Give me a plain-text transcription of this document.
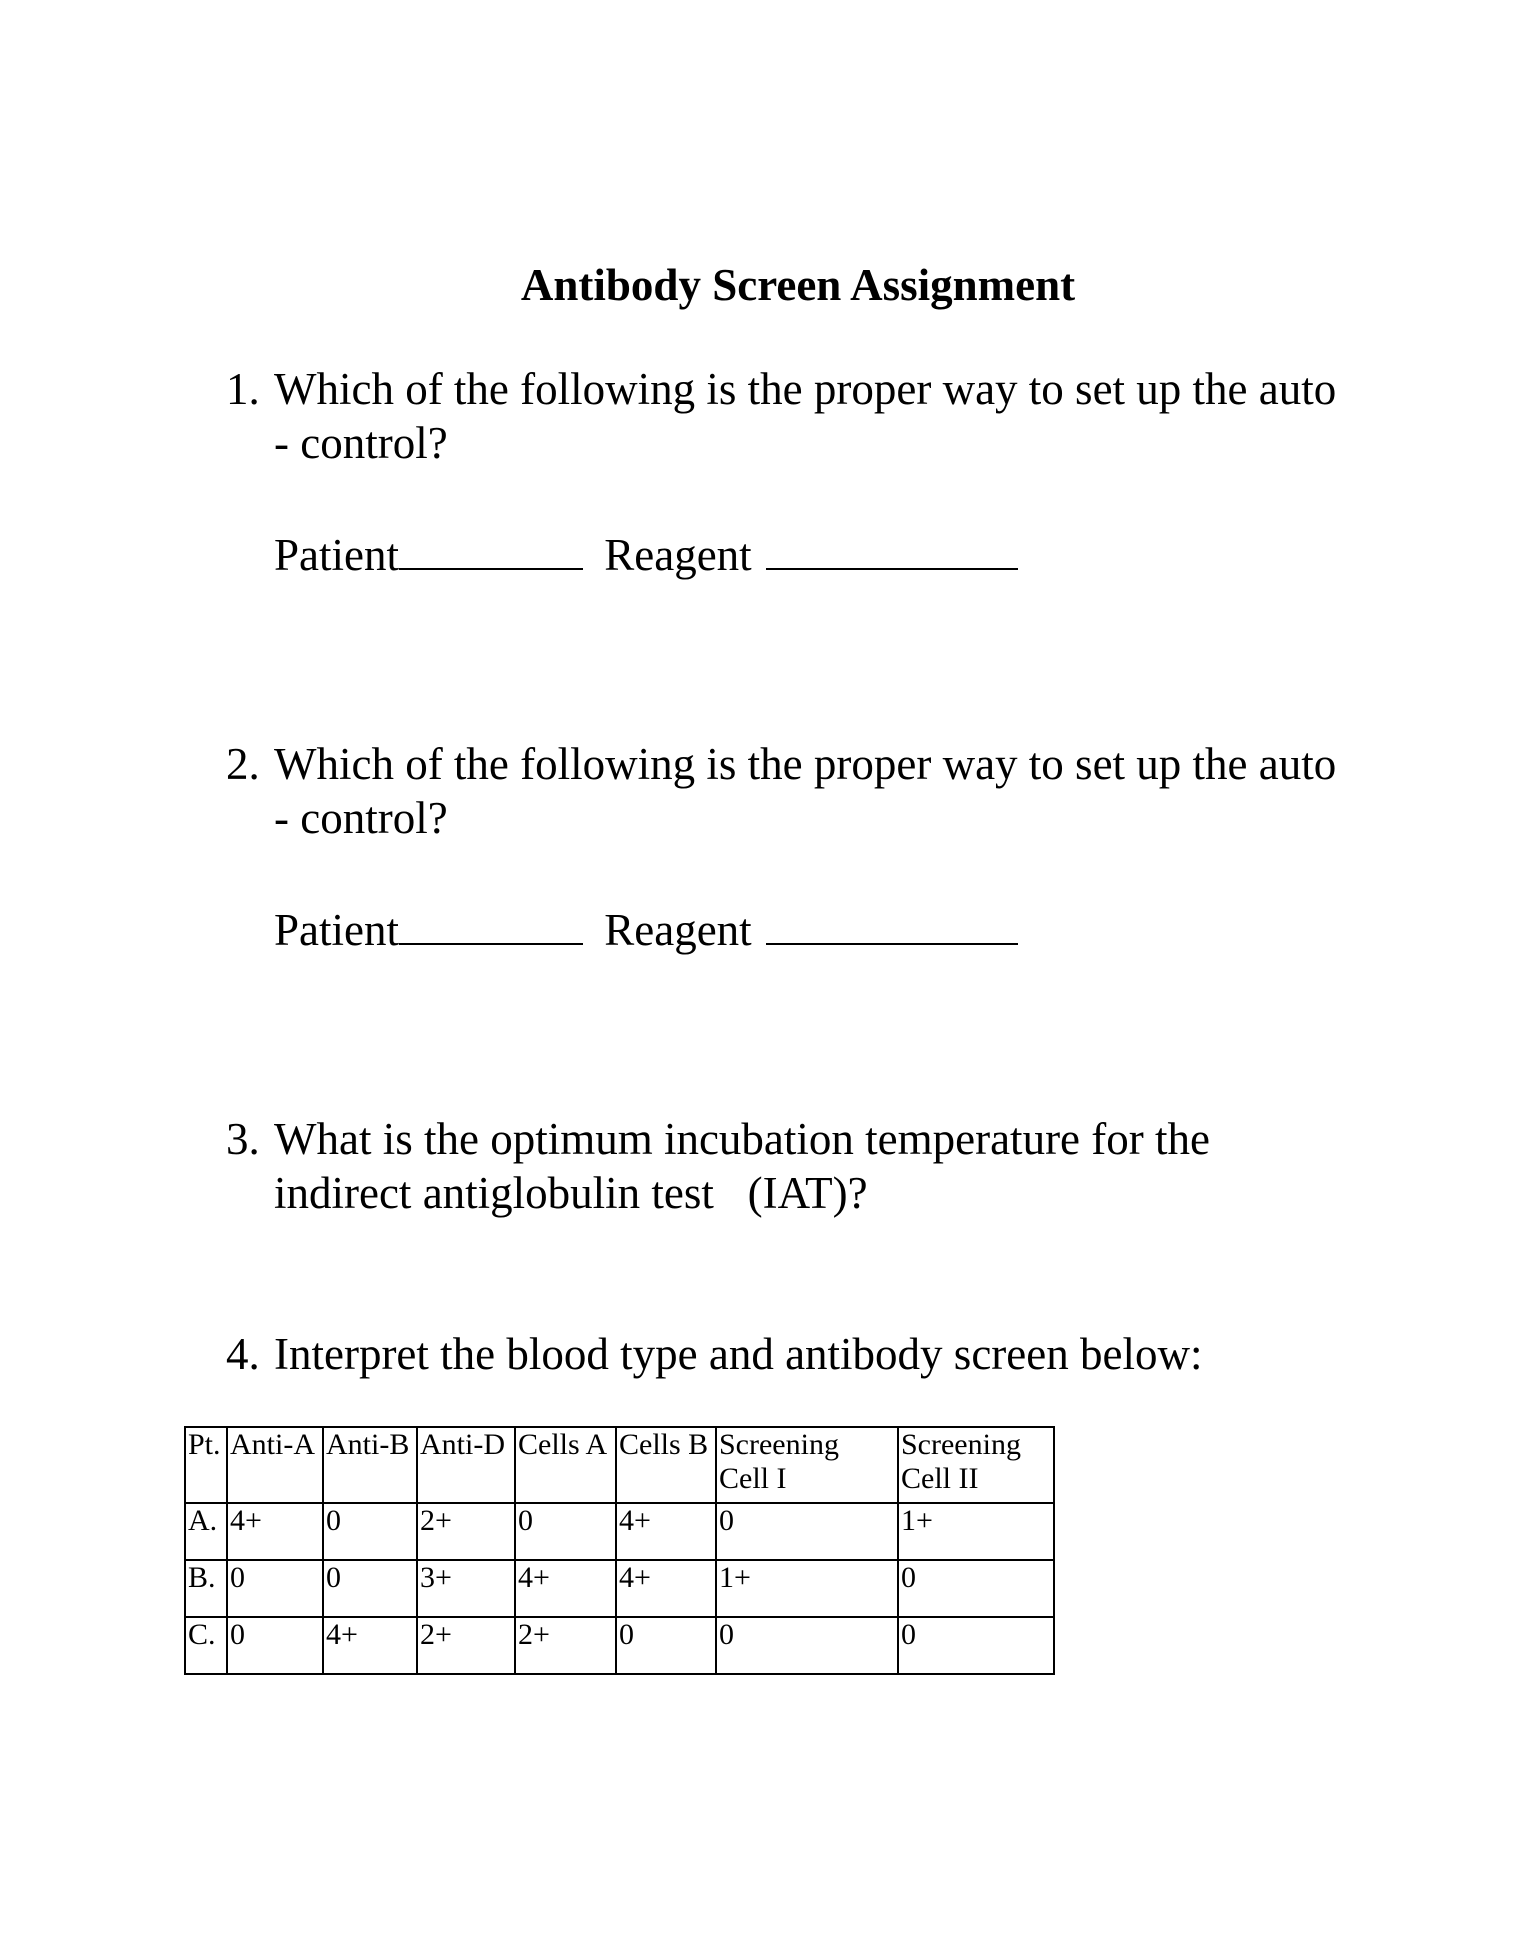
Antibody Screen Assignment
1. Which of the following is the proper way to set up the auto
- control?
Patient	Reagent
2. Which of the following is the proper way to set up the auto
- control?
Patient	Reagent
3. What is the optimum incubation temperature for the
indirect antiglobulin test   (IAT)?
4. Interpret the blood type and antibody screen below:
Pt.	Anti-A	Anti-B	Anti-D	Cells A	Cells B	Screening Cell I	Screening Cell II
A.	4+	0	2+	0	4+	0	1+
B.	0	0	3+	4+	4+	1+	0
C.	0	4+	2+	2+	0	0	0
